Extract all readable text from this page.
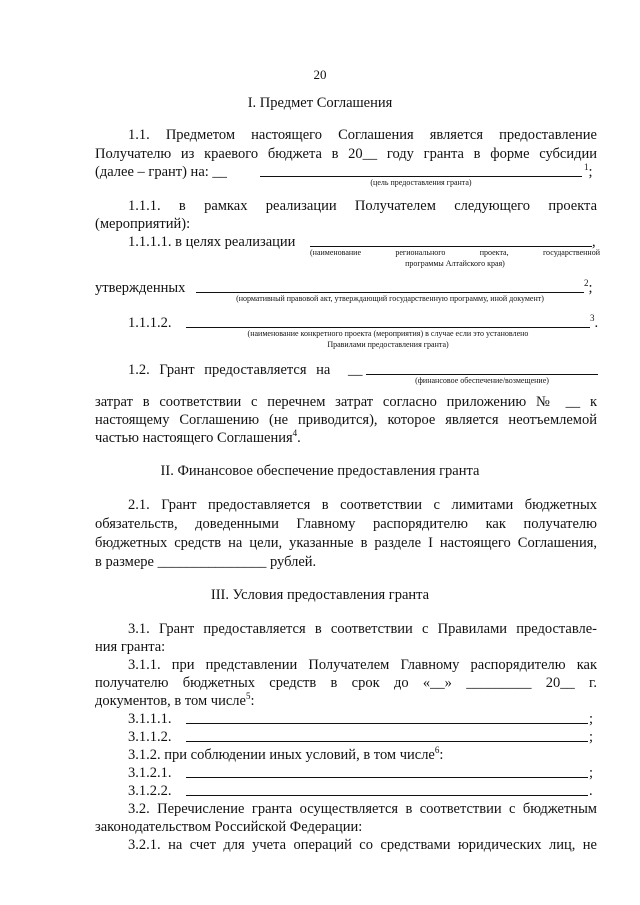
20
I. Предмет Соглашения
1.1. Предметом настоящего Соглашения является предоставление
Получателю из краевого бюджета в 20__ году гранта в форме субсидии
(далее – грант) на: __	$^1$;
(цель предоставления гранта)
1.1.1. в рамках реализации Получателем следующего проекта
(мероприятий):
1.1.1.1. в целях реализации	,
(наименование регионального проекта, государственной
программы Алтайского края)
утвержденных	$^2$;
(нормативный правовой акт, утверждающий государственную программу, иной документ)
1.1.1.2.	$^3$.
(наименование конкретного проекта (мероприятия) в случае если это установлено
Правилами предоставления гранта)
1.2. Грант предоставляется на __
(финансовое обеспечение/возмещение)
затрат в соответствии с перечнем затрат согласно приложению № __ к
настоящему Соглашению (не приводится), которое является неотъемлемой
частью настоящего Соглашения$^4$.
II. Финансовое обеспечение предоставления гранта
2.1. Грант предоставляется в соответствии с лимитами бюджетных
обязательств, доведенными Главному распорядителю как получателю
бюджетных средств на цели, указанные в разделе I настоящего Соглашения,
в размере _______________ рублей.
III. Условия предоставления гранта
3.1. Грант предоставляется в соответствии с Правилами предоставле-
ния гранта:
3.1.1. при представлении Получателем Главному распорядителю как
получателю бюджетных средств в срок до «__» _________ 20__ г.
документов, в том числе$^5$:
3.1.1.1.	;
3.1.1.2.	;
3.1.2. при соблюдении иных условий, в том числе$^6$:
3.1.2.1.	;
3.1.2.2.	.
3.2. Перечисление гранта осуществляется в соответствии с бюджетным
законодательством Российской Федерации:
3.2.1. на счет для учета операций со средствами юридических лиц, не
